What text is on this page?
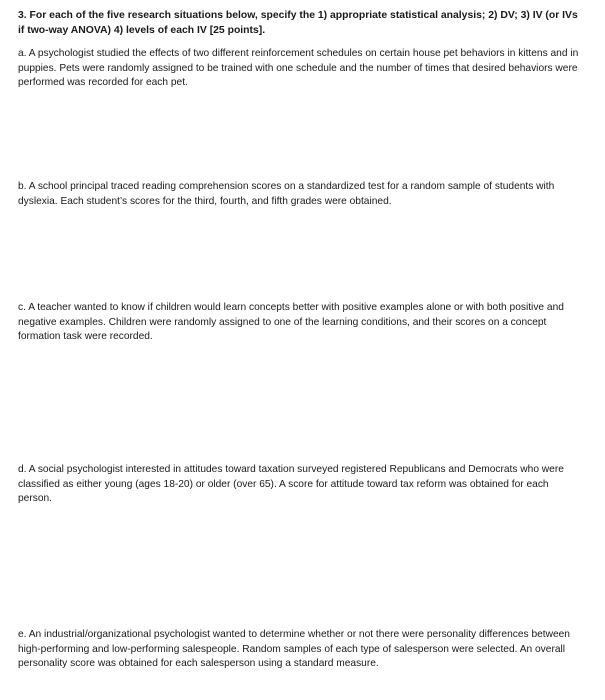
3. For each of the five research situations below, specify the 1) appropriate statistical analysis; 2) DV; 3) IV (or IVs if two-way ANOVA) 4) levels of each IV [25 points].

a. A psychologist studied the effects of two different reinforcement schedules on certain house pet behaviors in kittens and in puppies. Pets were randomly assigned to be trained with one schedule and the number of times that desired behaviors were performed was recorded for each pet.

b. A school principal traced reading comprehension scores on a standardized test for a random sample of students with dyslexia. Each student’s scores for the third, fourth, and fifth grades were obtained.

c. A teacher wanted to know if children would learn concepts better with positive examples alone or with both positive and negative examples. Children were randomly assigned to one of the learning conditions, and their scores on a concept formation task were recorded.

d. A social psychologist interested in attitudes toward taxation surveyed registered Republicans and Democrats who were classified as either young (ages 18-20) or older (over 65). A score for attitude toward tax reform was obtained for each person.

e. An industrial/organizational psychologist wanted to determine whether or not there were personality differences between high-performing and low-performing salespeople. Random samples of each type of salesperson were selected. An overall personality score was obtained for each salesperson using a standard measure.
